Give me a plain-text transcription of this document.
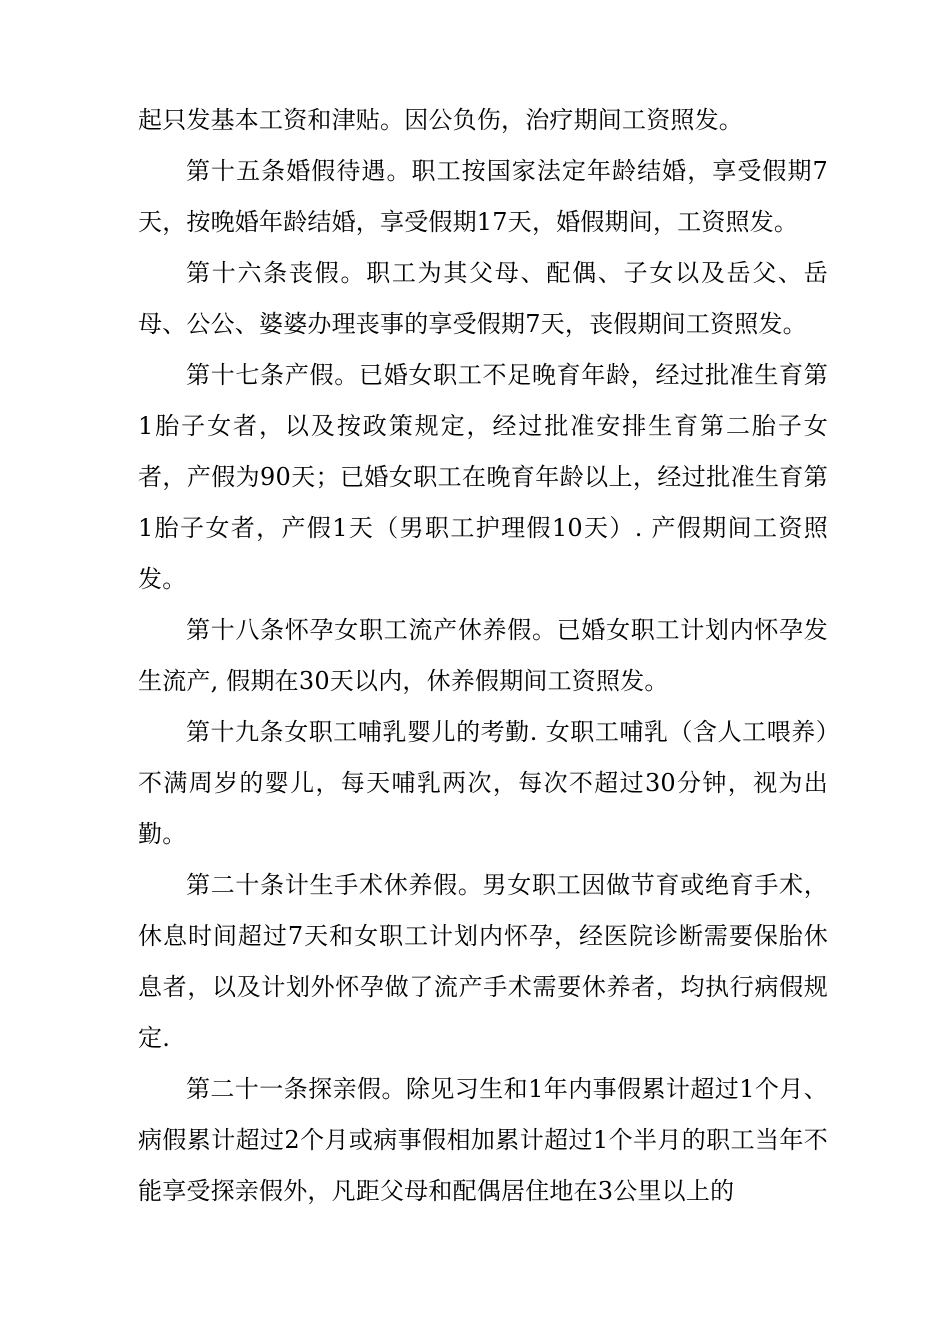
起只发基本工资和津贴。因公负伤，治疗期间工资照发。

第十五条婚假待遇。职工按国家法定年龄结婚，享受假期7天，按晚婚年龄结婚，享受假期17天，婚假期间，工资照发。

第十六条丧假。职工为其父母、配偶、子女以及岳父、岳母、公公、婆婆办理丧事的享受假期7天，丧假期间工资照发。

第十七条产假。已婚女职工不足晚育年龄，经过批准生育第1胎子女者，以及按政策规定，经过批准安排生育第二胎子女者，产假为90天；已婚女职工在晚育年龄以上，经过批准生育第1胎子女者，产假1天（男职工护理假10天）. 产假期间工资照发。

第十八条怀孕女职工流产休养假。已婚女职工计划内怀孕发生流产, 假期在30天以内，休养假期间工资照发。

第十九条女职工哺乳婴儿的考勤. 女职工哺乳（含人工喂养）不满周岁的婴儿，每天哺乳两次，每次不超过30分钟，视为出勤。

第二十条计生手术休养假。男女职工因做节育或绝育手术，休息时间超过7天和女职工计划内怀孕，经医院诊断需要保胎休息者，以及计划外怀孕做了流产手术需要休养者，均执行病假规定.

第二十一条探亲假。除见习生和1年内事假累计超过1个月、病假累计超过2个月或病事假相加累计超过1个半月的职工当年不能享受探亲假外，凡距父母和配偶居住地在3公里以上的
